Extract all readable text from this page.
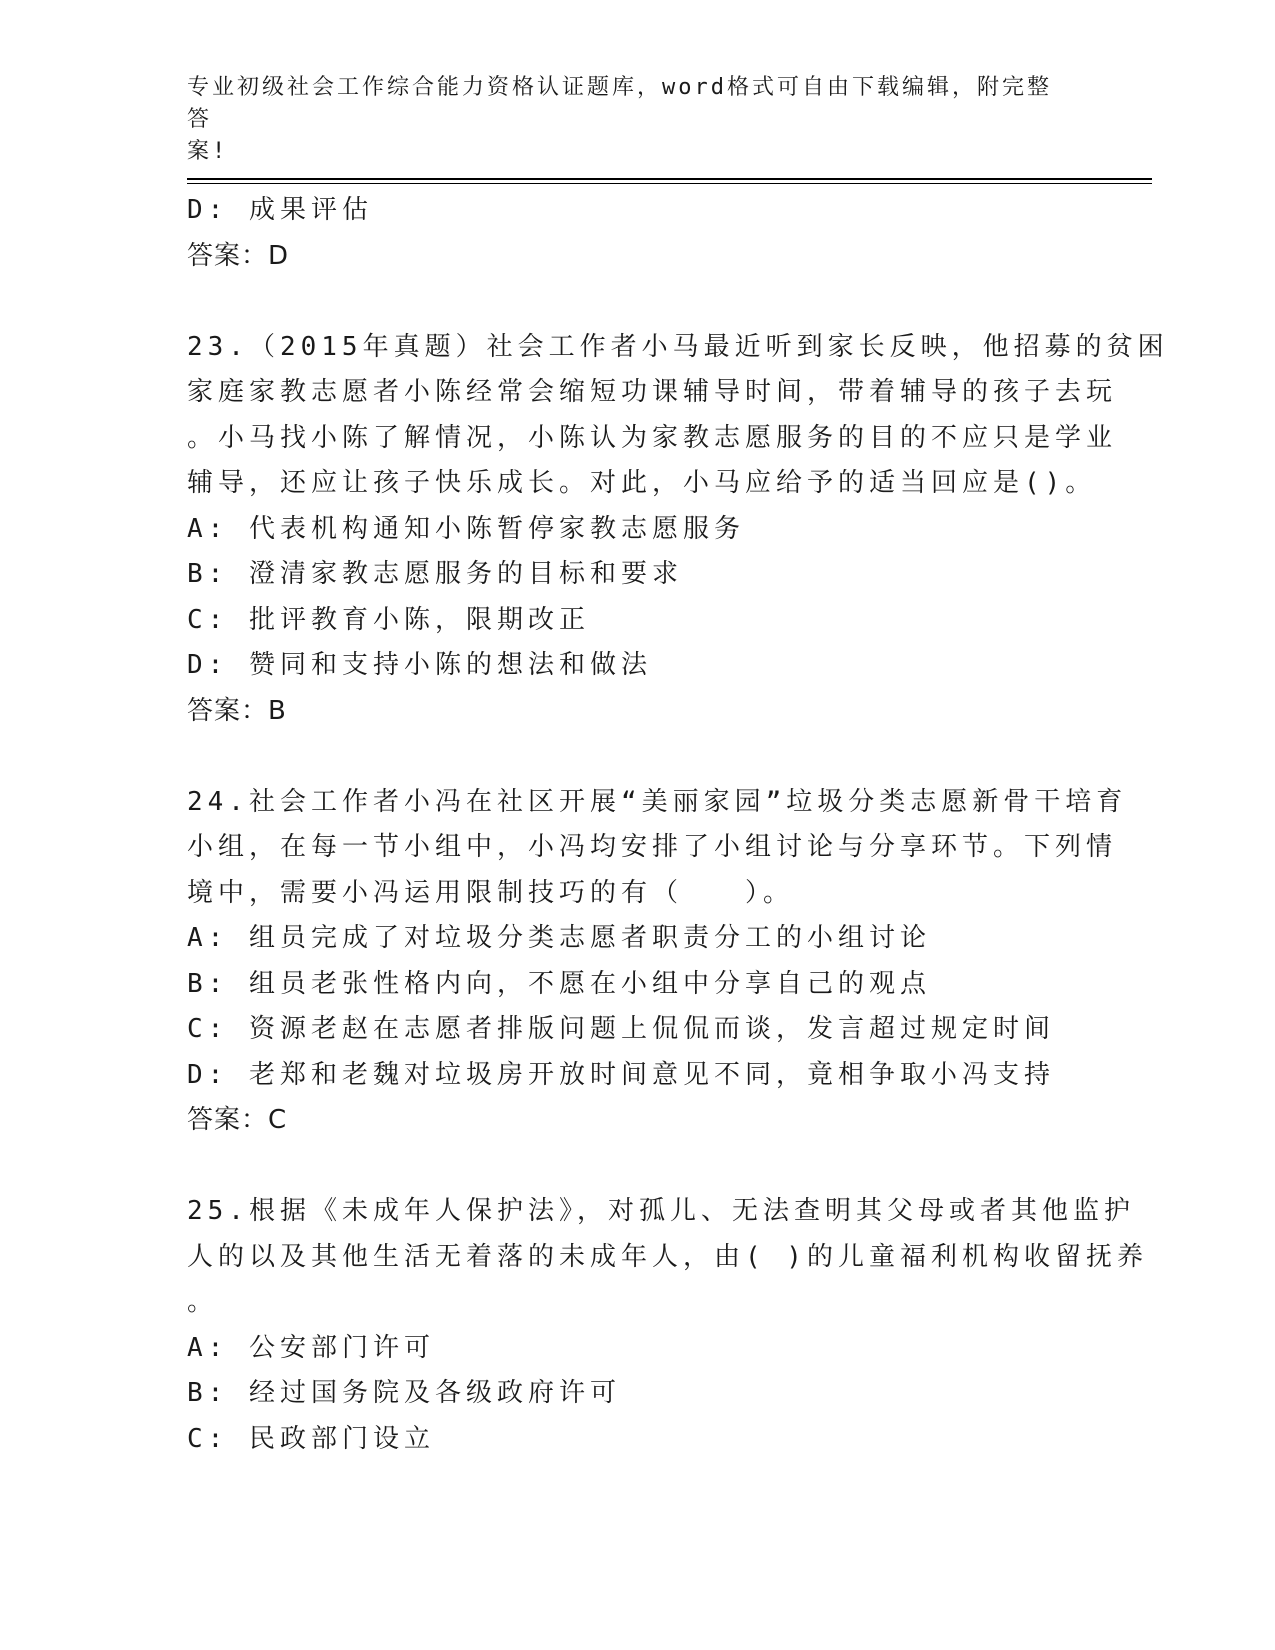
专业初级社会工作综合能力资格认证题库，word格式可自由下载编辑，附完整答
案!
D: 成果评估
答案：D
23.（2015年真题）社会工作者小马最近听到家长反映，他招募的贫困
家庭家教志愿者小陈经常会缩短功课辅导时间，带着辅导的孩子去玩
。小马找小陈了解情况，小陈认为家教志愿服务的目的不应只是学业
辅导，还应让孩子快乐成长。对此，小马应给予的适当回应是()。
A: 代表机构通知小陈暂停家教志愿服务
B: 澄清家教志愿服务的目标和要求
C: 批评教育小陈，限期改正
D: 赞同和支持小陈的想法和做法
答案：B
24.社会工作者小冯在社区开展“美丽家园”垃圾分类志愿新骨干培育
小组，在每一节小组中，小冯均安排了小组讨论与分享环节。下列情
境中，需要小冯运用限制技巧的有（　　）。
A: 组员完成了对垃圾分类志愿者职责分工的小组讨论
B: 组员老张性格内向，不愿在小组中分享自己的观点
C: 资源老赵在志愿者排版问题上侃侃而谈，发言超过规定时间
D: 老郑和老魏对垃圾房开放时间意见不同，竟相争取小冯支持
答案：C
25.根据《未成年人保护法》，对孤儿、无法查明其父母或者其他监护
人的以及其他生活无着落的未成年人，由( )的儿童福利机构收留抚养
。
A: 公安部门许可
B: 经过国务院及各级政府许可
C: 民政部门设立
